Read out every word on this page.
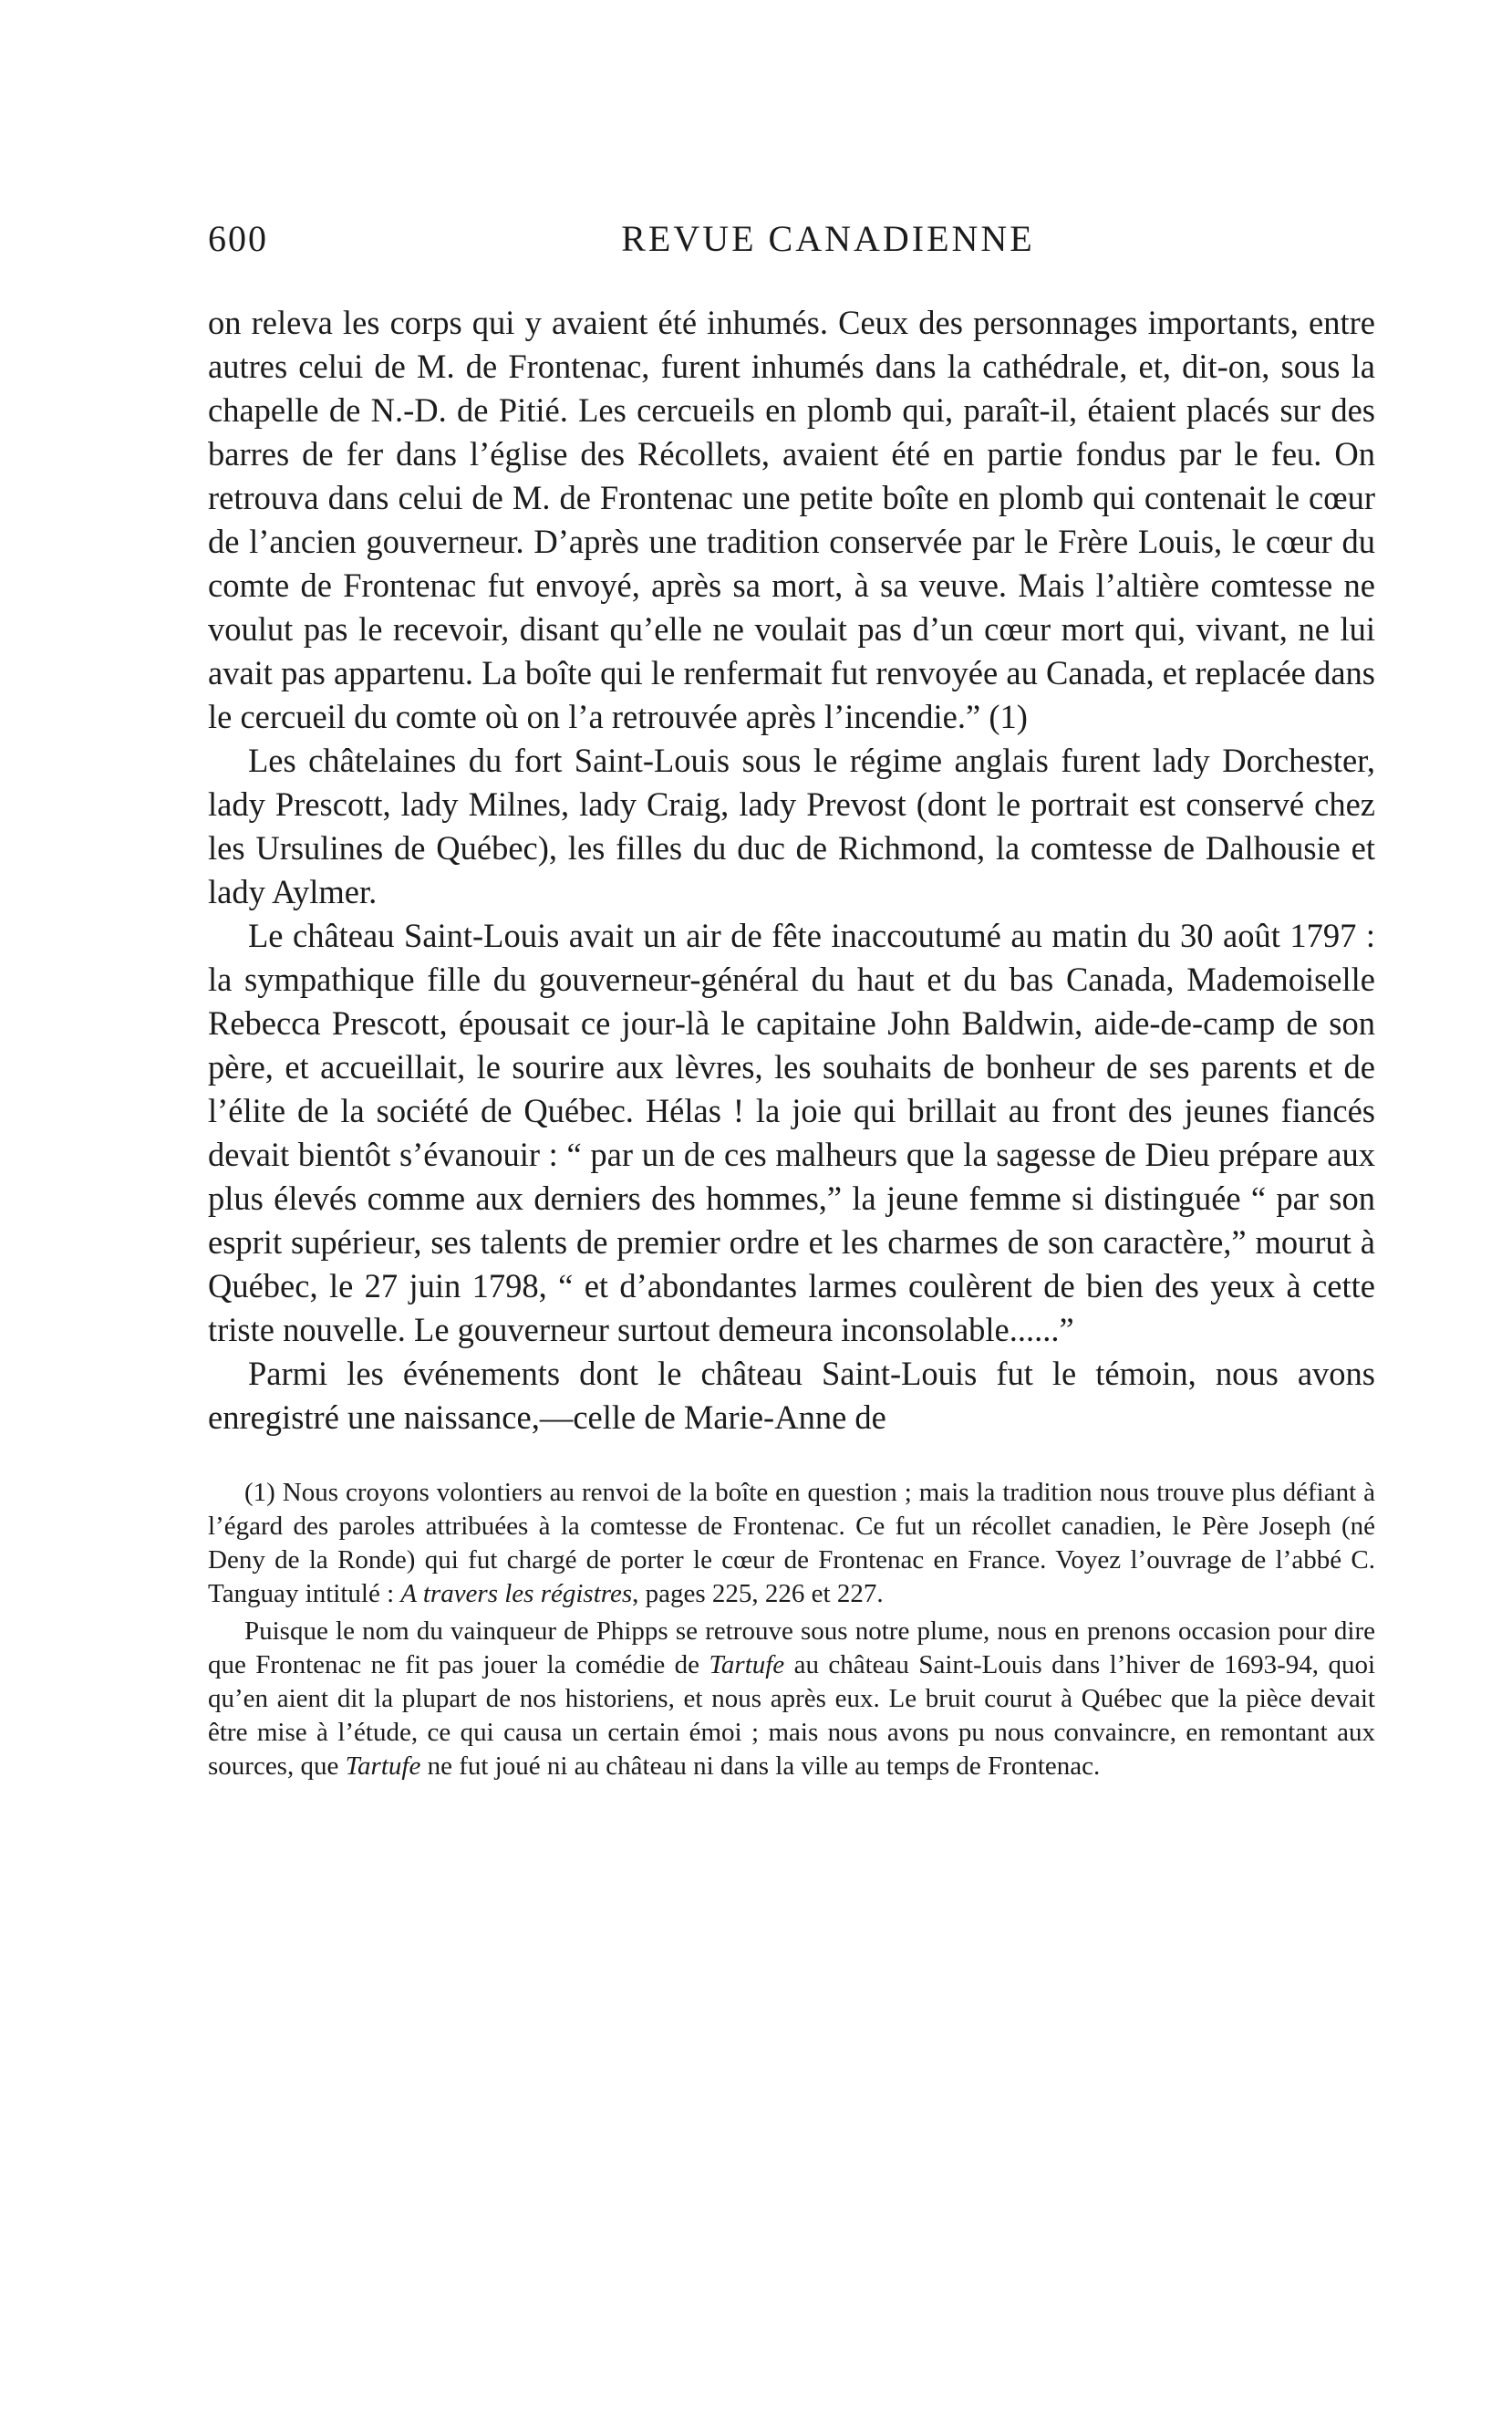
600	REVUE CANADIENNE

on releva les corps qui y avaient été inhumés. Ceux des personnages importants, entre autres celui de M. de Frontenac, furent inhumés dans la cathédrale, et, dit-on, sous la chapelle de N.-D. de Pitié. Les cercueils en plomb qui, paraît-il, étaient placés sur des barres de fer dans l’église des Récollets, avaient été en partie fondus par le feu. On retrouva dans celui de M. de Frontenac une petite boîte en plomb qui contenait le cœur de l’ancien gouverneur. D’après une tradition conservée par le Frère Louis, le cœur du comte de Frontenac fut envoyé, après sa mort, à sa veuve. Mais l’altière comtesse ne voulut pas le recevoir, disant qu’elle ne voulait pas d’un cœur mort qui, vivant, ne lui avait pas appartenu. La boîte qui le renfermait fut renvoyée au Canada, et replacée dans le cercueil du comte où on l’a retrouvée après l’incendie.” (1)

Les châtelaines du fort Saint-Louis sous le régime anglais furent lady Dorchester, lady Prescott, lady Milnes, lady Craig, lady Prevost (dont le portrait est conservé chez les Ursulines de Québec), les filles du duc de Richmond, la comtesse de Dalhousie et lady Aylmer.

Le château Saint-Louis avait un air de fête inaccoutumé au matin du 30 août 1797 : la sympathique fille du gouverneur-général du haut et du bas Canada, Mademoiselle Rebecca Prescott, épousait ce jour-là le capitaine John Baldwin, aide-de-camp de son père, et accueillait, le sourire aux lèvres, les souhaits de bonheur de ses parents et de l’élite de la société de Québec. Hélas ! la joie qui brillait au front des jeunes fiancés devait bientôt s’évanouir : “ par un de ces malheurs que la sagesse de Dieu prépare aux plus élevés comme aux derniers des hommes,” la jeune femme si distinguée “ par son esprit supérieur, ses talents de premier ordre et les charmes de son caractère,” mourut à Québec, le 27 juin 1798, “ et d’abondantes larmes coulèrent de bien des yeux à cette triste nouvelle. Le gouverneur surtout demeura inconsolable......”

Parmi les événements dont le château Saint-Louis fut le témoin, nous avons enregistré une naissance,—celle de Marie-Anne de

(1) Nous croyons volontiers au renvoi de la boîte en question ; mais la tradition nous trouve plus défiant à l’égard des paroles attribuées à la comtesse de Frontenac. Ce fut un récollet canadien, le Père Joseph (né Deny de la Ronde) qui fut chargé de porter le cœur de Frontenac en France. Voyez l’ouvrage de l’abbé C. Tanguay intitulé : A travers les régistres, pages 225, 226 et 227.

Puisque le nom du vainqueur de Phipps se retrouve sous notre plume, nous en prenons occasion pour dire que Frontenac ne fit pas jouer la comédie de Tartufe au château Saint-Louis dans l’hiver de 1693-94, quoi qu’en aient dit la plupart de nos historiens, et nous après eux. Le bruit courut à Québec que la pièce devait être mise à l’étude, ce qui causa un certain émoi ; mais nous avons pu nous convaincre, en remontant aux sources, que Tartufe ne fut joué ni au château ni dans la ville au temps de Frontenac.
